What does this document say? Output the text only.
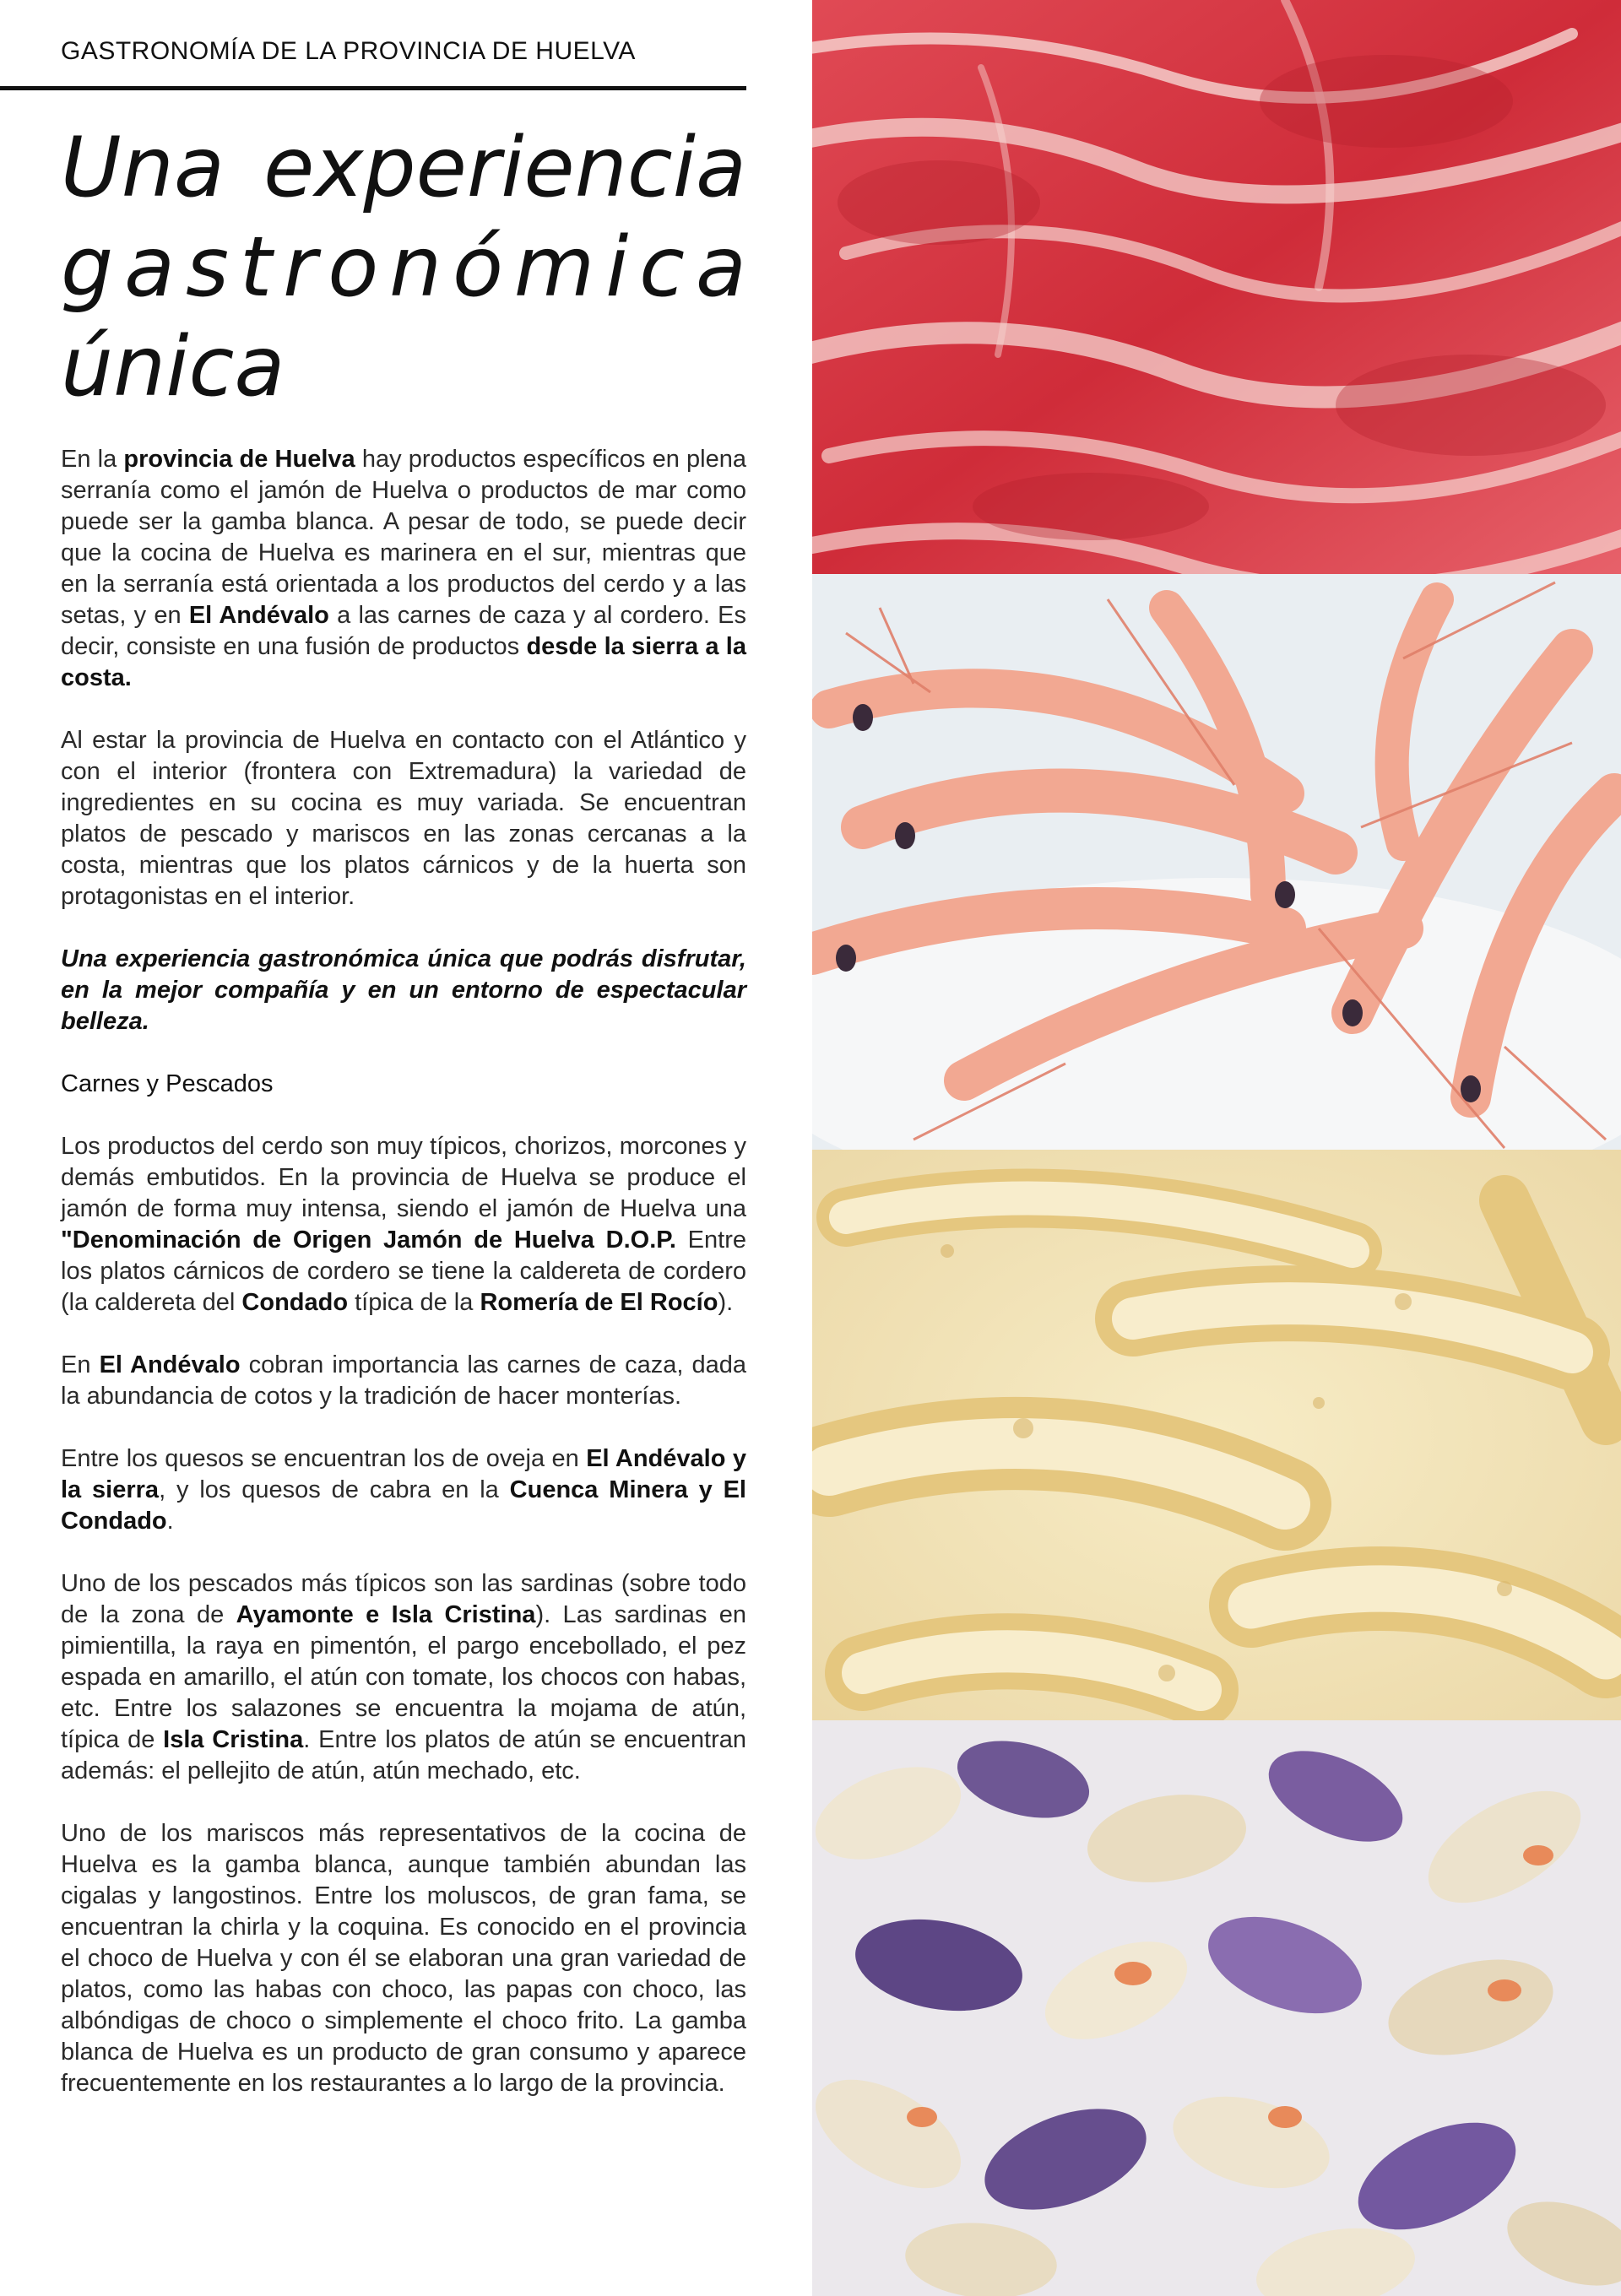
GASTRONOMÍA DE LA PROVINCIA DE HUELVA
Una experiencia
g a s t r o n ó m i c a
única

En la provincia de Huelva hay productos específicos en plena serranía como el jamón de Huelva o productos de mar como puede ser la gamba blanca. A pesar de todo, se puede decir que la cocina de Huelva es marinera en el sur, mientras que en la serranía está orientada a los productos del cerdo y a las setas, y en El Andévalo a las carnes de caza y al cordero. Es decir, consiste en una fusión de productos desde la sierra a la costa.

Al estar la provincia de Huelva en contacto con el Atlántico y con el interior (frontera con Extremadura) la variedad de ingredientes en su cocina es muy variada. Se encuentran platos de pescado y mariscos en las zonas cercanas a la costa, mientras que los platos cárnicos y de la huerta son protagonistas en el interior.

Una experiencia gastronómica única que podrás disfrutar, en la mejor compañía y en un entorno de espectacular belleza.

Carnes y Pescados

Los productos del cerdo son muy típicos, chorizos, morcones y demás embutidos. En la provincia de Huelva se produce el jamón de forma muy intensa, siendo el jamón de Huelva una "Denominación de Origen Jamón de Huelva D.O.P. Entre los platos cárnicos de cordero se tiene la caldereta de cordero (la caldereta del Condado típica de la Romería de El Rocío).

En El Andévalo cobran importancia las carnes de caza, dada la abundancia de cotos y la tradición de hacer monterías.

Entre los quesos se encuentran los de oveja en El Andévalo y la sierra, y los quesos de cabra en la Cuenca Minera y El Condado.

Uno de los pescados más típicos son las sardinas (sobre todo de la zona de Ayamonte e Isla Cristina). Las sardinas en pimientilla, la raya en pimentón, el pargo encebollado, el pez espada en amarillo, el atún con tomate, los chocos con habas, etc. Entre los salazones se encuentra la mojama de atún, típica de Isla Cristina. Entre los platos de atún se encuentran además: el pellejito de atún, atún mechado, etc.

Uno de los mariscos más representativos de la cocina de Huelva es la gamba blanca, aunque también abundan las cigalas y langostinos. Entre los moluscos, de gran fama, se encuentran la chirla y la coquina. Es conocido en el provincia el choco de Huelva y con él se elaboran una gran variedad de platos, como las habas con choco, las papas con choco, las albóndigas de choco o simplemente el choco frito. La gamba blanca de Huelva es un producto de gran consumo y aparece frecuentemente en los restaurantes a lo largo de la provincia.
